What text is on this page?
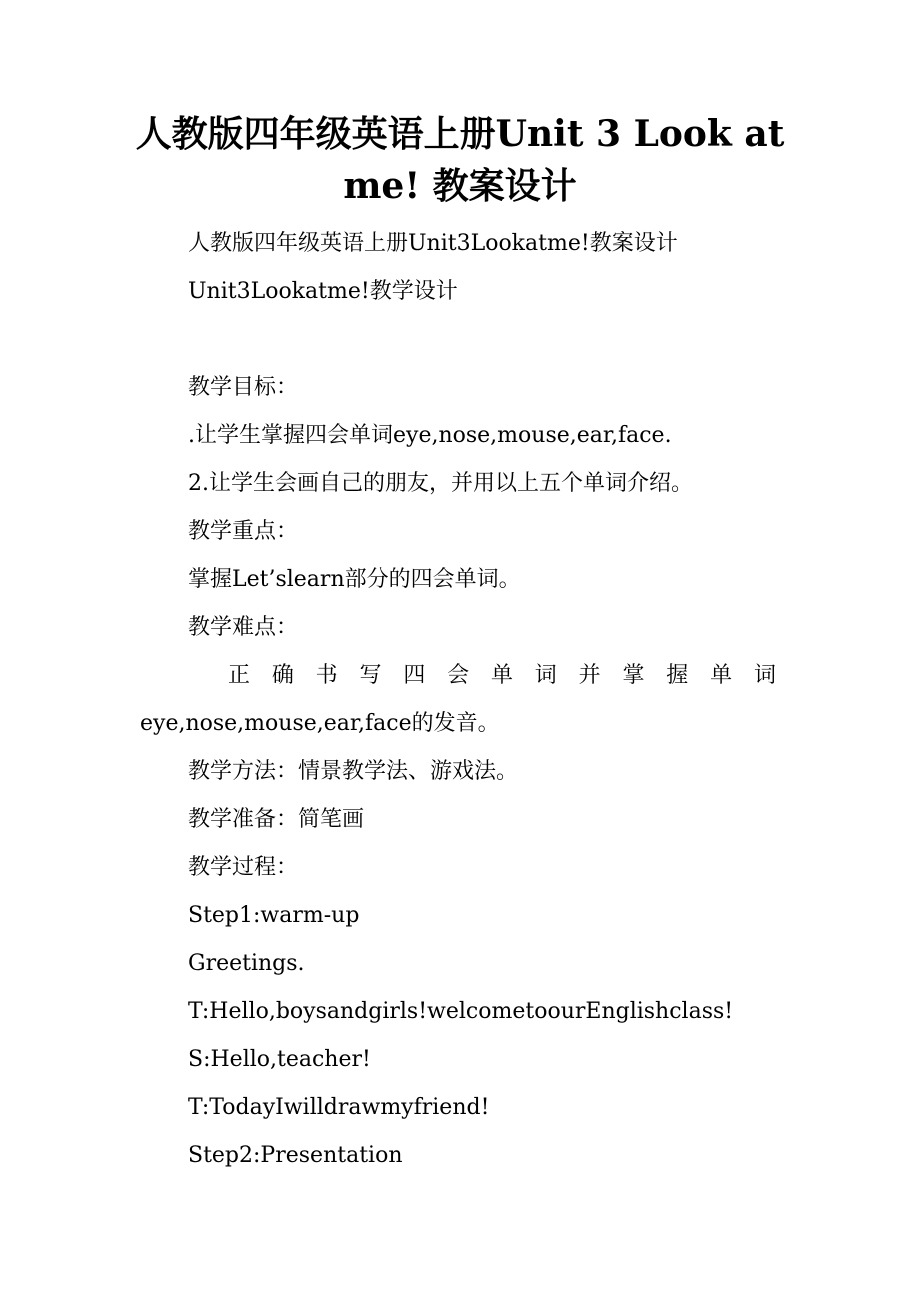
人教版四年级英语上册Unit 3 Look at me! 教案设计

人教版四年级英语上册Unit3Lookatme!教案设计

Unit3Lookatme!教学设计

教学目标：

.让学生掌握四会单词eye,nose,mouse,ear,face.

2.让学生会画自己的朋友，并用以上五个单词介绍。

教学重点：

掌握Let’slearn部分的四会单词。

教学难点：

正 确 书 写 四 会 单 词 并 掌 握 单 词

eye,nose,mouse,ear,face的发音。

教学方法：情景教学法、游戏法。

教学准备：简笔画

教学过程：

Step1:warm-up

Greetings.

T:Hello,boysandgirls!welcometoourEnglishclass!

S:Hello,teacher!

T:TodayIwilldrawmyfriend!

Step2:Presentation
